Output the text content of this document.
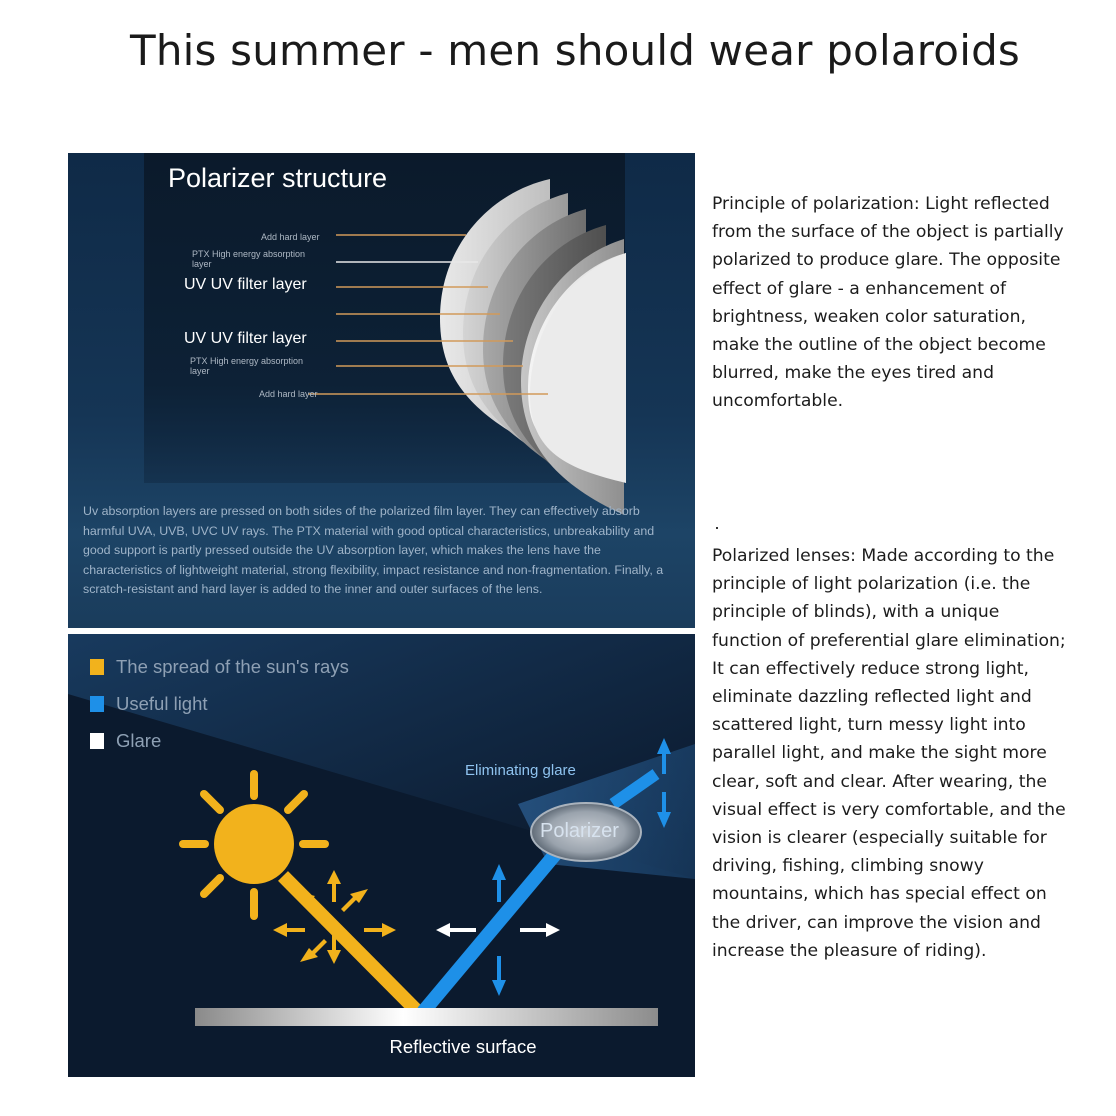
This summer - men should wear polaroids
Polarizer structure
Add hard layer
PTX High energy absorption layer
UV UV filter layer
UV UV filter layer
PTX High energy absorption layer
Add hard layer
Uv absorption layers are pressed on both sides of the polarized film layer. They can effectively absorb harmful UVA, UVB, UVC UV rays. The PTX material with good optical characteristics, unbreakability and good support is partly pressed outside the UV absorption layer, which makes the lens have the characteristics of lightweight material, strong flexibility, impact resistance and non-fragmentation. Finally, a scratch-resistant and hard layer is added to the inner and outer surfaces of the lens.
The spread of the sun's rays
Useful light
Glare
Eliminating glare
Polarizer
Reflective surface

Principle of polarization: Light reflected from the surface of the object is partially polarized to produce glare. The opposite effect of glare - a enhancement of brightness, weaken color saturation, make the outline of the object become blurred, make the eyes tired and uncomfortable.

Polarized lenses: Made according to the principle of light polarization (i.e. the principle of blinds), with a unique function of preferential glare elimination; It can effectively reduce strong light, eliminate dazzling reflected light and scattered light, turn messy light into parallel light, and make the sight more clear, soft and clear. After wearing, the visual effect is very comfortable, and the vision is clearer (especially suitable for driving, fishing, climbing snowy mountains, which has special effect on the driver, can improve the vision and increase the pleasure of riding).
